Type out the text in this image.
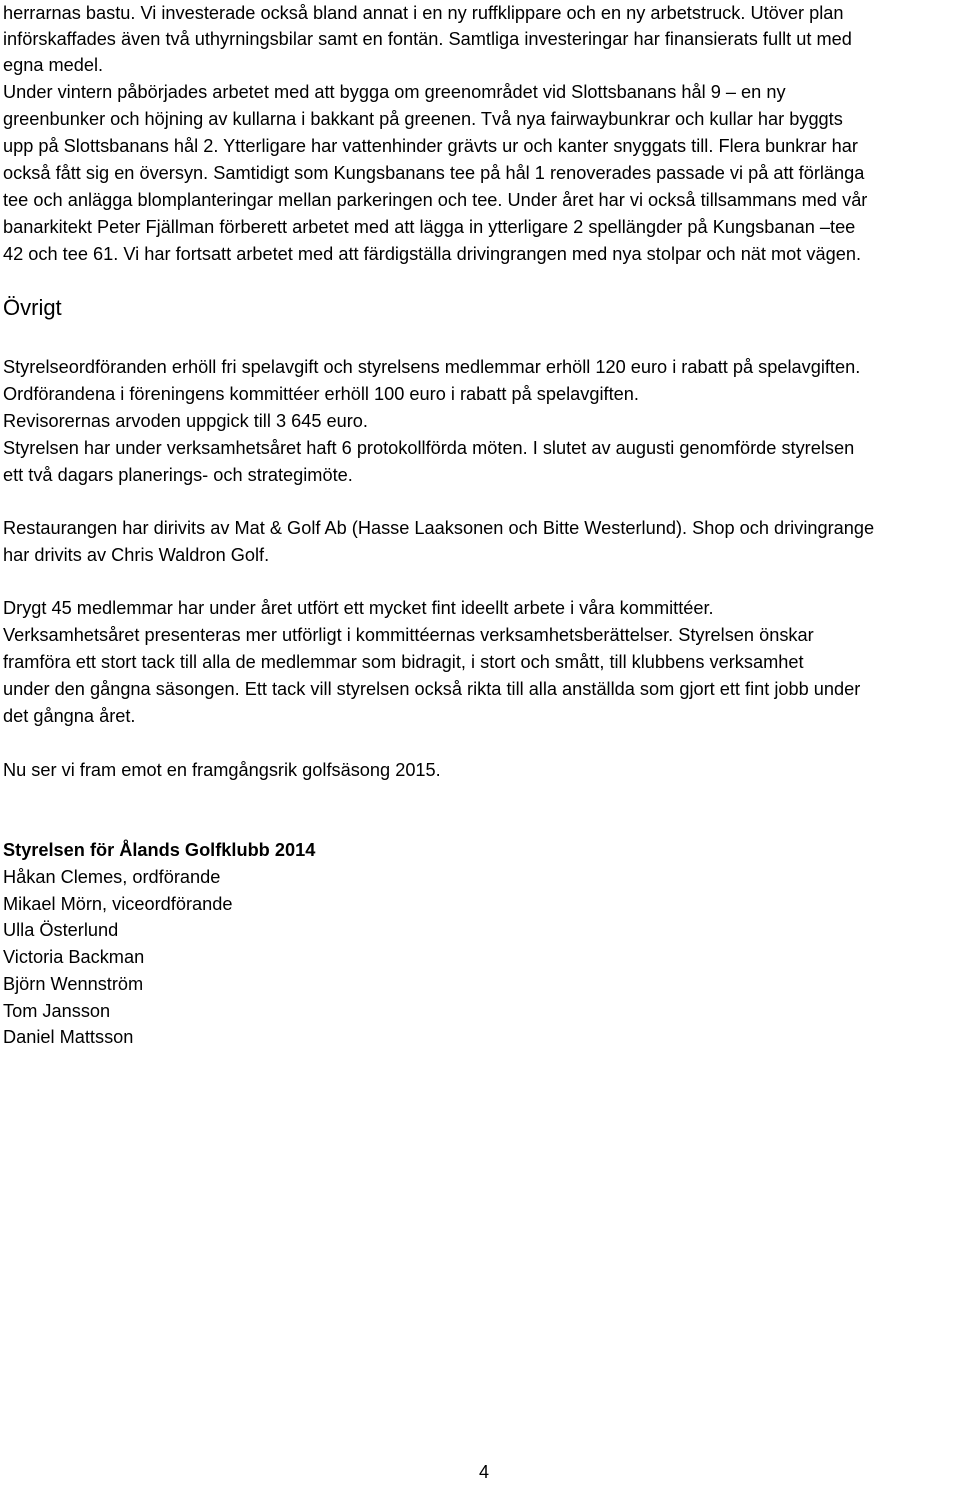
herrarnas bastu. Vi investerade också bland annat i en ny ruffklippare och en ny arbetstruck. Utöver plan
införskaffades även två uthyrningsbilar samt en fontän. Samtliga investeringar har finansierats fullt ut med
egna medel.
Under vintern påbörjades arbetet med att bygga om greenområdet vid Slottsbanans hål 9 – en ny
greenbunker och höjning av kullarna i bakkant på greenen. Två nya fairwaybunkrar och kullar har byggts
upp på Slottsbanans hål 2. Ytterligare har vattenhinder grävts ur och kanter snyggats till. Flera bunkrar har
också fått sig en översyn. Samtidigt som Kungsbanans tee på hål 1 renoverades passade vi på att förlänga
tee och anlägga blomplanteringar mellan parkeringen och tee. Under året har vi också tillsammans med vår
banarkitekt Peter Fjällman förberett arbetet med att lägga in ytterligare 2 spellängder på Kungsbanan –tee
42 och tee 61. Vi har fortsatt arbetet med att färdigställa drivingrangen med nya stolpar och nät mot vägen.
Övrigt
Styrelseordföranden erhöll fri spelavgift och styrelsens medlemmar erhöll 120 euro i rabatt på spelavgiften.
Ordförandena i föreningens kommittéer erhöll 100 euro i rabatt på spelavgiften.
Revisorernas arvoden uppgick till 3 645 euro.
Styrelsen har under verksamhetsåret haft 6 protokollförda möten. I slutet av augusti genomförde styrelsen
ett två dagars planerings- och strategimöte.
Restaurangen har dirivits av Mat & Golf Ab (Hasse Laaksonen och Bitte Westerlund). Shop och drivingrange
har drivits av Chris Waldron Golf.
Drygt 45 medlemmar har under året utfört ett mycket fint ideellt arbete i våra kommittéer.
Verksamhetsåret presenteras mer utförligt i kommittéernas verksamhetsberättelser. Styrelsen önskar
framföra ett stort tack till alla de medlemmar som bidragit, i stort och smått, till klubbens verksamhet
under den gångna säsongen. Ett tack vill styrelsen också rikta till alla anställda som gjort ett fint jobb under
det gångna året.
Nu ser vi fram emot en framgångsrik golfsäsong 2015.
Styrelsen för Ålands Golfklubb 2014
Håkan Clemes, ordförande
Mikael Mörn, viceordförande
Ulla Österlund
Victoria Backman
Björn Wennström
Tom Jansson
Daniel Mattsson
4
